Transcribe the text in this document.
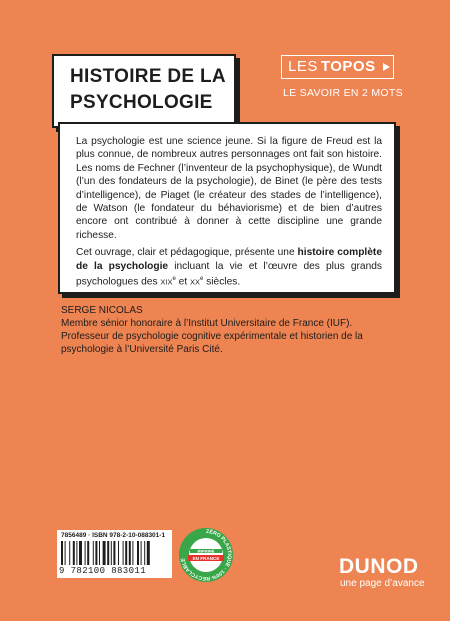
HISTOIRE DE LA
PSYCHOLOGIE
LES TOPOS
LE SAVOIR EN 2 MOTS

La psychologie est une science jeune. Si la figure de Freud est la plus connue, de nombreux autres personnages ont fait son histoire. Les noms de Fechner (l’inventeur de la psychophysique), de Wundt (l’un des fondateurs de la psychologie), de Binet (le père des tests d’intelligence), de Piaget (le créateur des stades de l’intelligence), de Watson (le fondateur du béhaviorisme) et de bien d’autres encore ont contribué à donner à cette discipline une grande richesse.

Cet ouvrage, clair et pédagogique, présente une histoire complète de la psychologie incluant la vie et l’œuvre des plus grands psychologues des XIXe et XXe siècles.

SERGE NICOLAS
Membre sénior honoraire à l’Institut Universitaire de France (IUF).
Professeur de psychologie cognitive expérimentale et historien de la psychologie à l’Université Paris Cité.
7856489 · ISBN 978-2-10-088301-1
9 782100 883011
ZÉRO PLASTIQUE · 100% RECYCLABLE
IMPRIMÉ
EN FRANCE	DUNOD
une page d’avance
